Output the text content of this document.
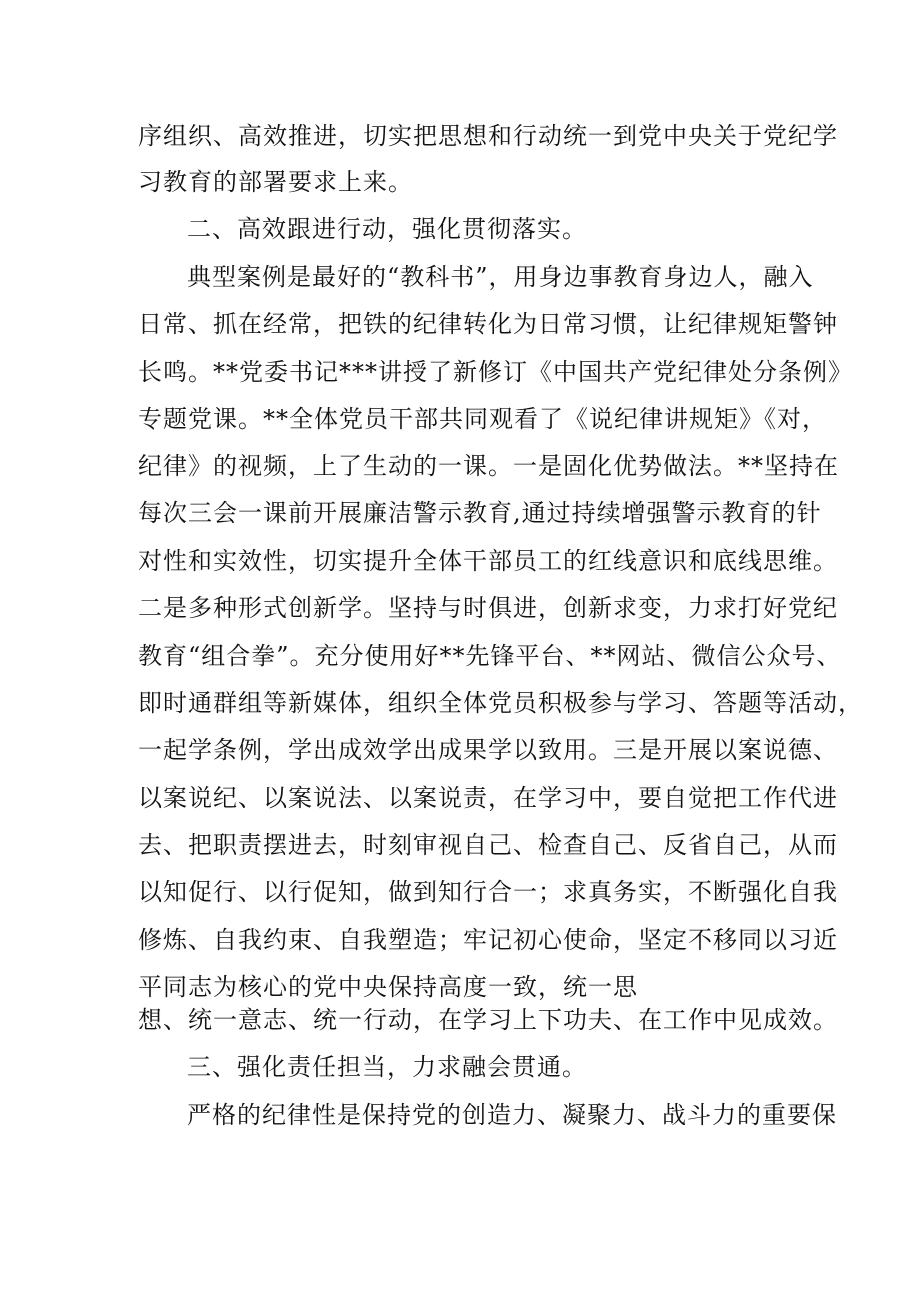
序组织、高效推进，切实把思想和行动统一到党中央关于党纪学
习教育的部署要求上来。
二、高效跟进行动，强化贯彻落实。
典型案例是最好的“教科书”，用身边事教育身边人，融入
日常、抓在经常，把铁的纪律转化为日常习惯，让纪律规矩警钟
长鸣。**党委书记***讲授了新修订《中国共产党纪律处分条例》
专题党课。**全体党员干部共同观看了《说纪律讲规矩》《对，
纪律》的视频，上了生动的一课。一是固化优势做法。**坚持在
每次三会一课前开展廉洁警示教育,通过持续增强警示教育的针
对性和实效性，切实提升全体干部员工的红线意识和底线思维。
二是多种形式创新学。坚持与时俱进，创新求变，力求打好党纪
教育“组合拳”。充分使用好**先锋平台、**网站、微信公众号、
即时通群组等新媒体，组织全体党员积极参与学习、答题等活动，
一起学条例，学出成效学出成果学以致用。三是开展以案说德、
以案说纪、以案说法、以案说责，在学习中，要自觉把工作代进
去、把职责摆进去，时刻审视自己、检查自己、反省自己，从而
以知促行、以行促知，做到知行合一；求真务实，不断强化自我
修炼、自我约束、自我塑造；牢记初心使命，坚定不移同以习近
平同志为核心的党中央保持高度一致，统一思
想、统一意志、统一行动，在学习上下功夫、在工作中见成效。
三、强化责任担当，力求融会贯通。
严格的纪律性是保持党的创造力、凝聚力、战斗力的重要保
